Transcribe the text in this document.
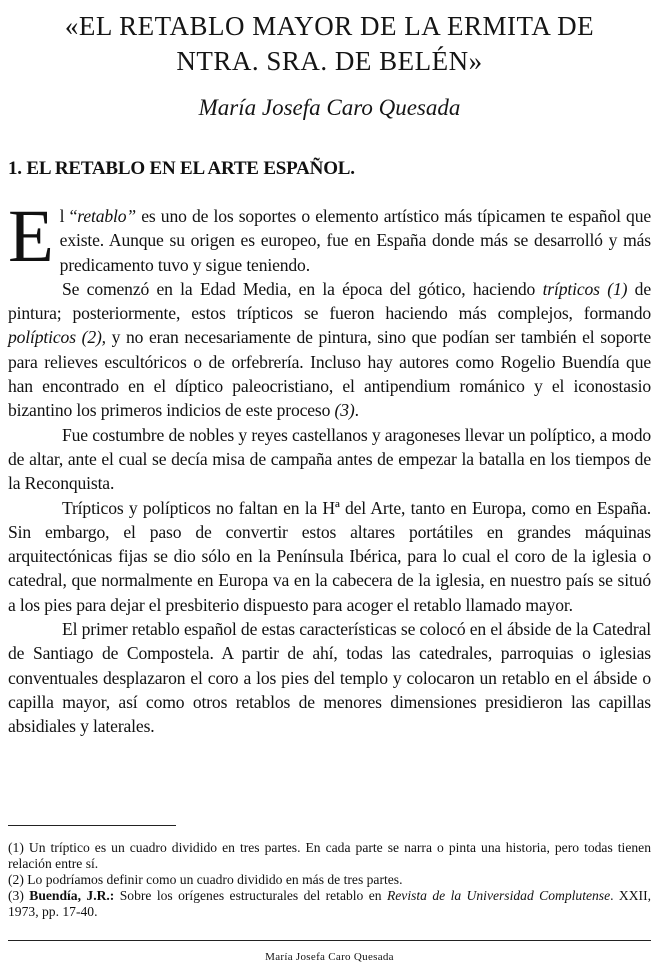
«EL RETABLO MAYOR DE LA ERMITA DE
NTRA. SRA. DE BELÉN»
María Josefa Caro Quesada
1. EL RETABLO EN EL ARTE ESPAÑOL.

El “retablo” es uno de los soportes o elemento artístico más típicamen te español que existe. Aunque su origen es europeo, fue en España donde más se desarrolló y más predicamento tuvo y sigue teniendo.

Se comenzó en la Edad Media, en la época del gótico, haciendo trípticos (1) de pintura; posteriormente, estos trípticos se fueron haciendo más complejos, formando polípticos (2), y no eran necesariamente de pintura, sino que podían ser también el soporte para relieves escultóricos o de orfebrería. Incluso hay autores como Rogelio Buendía que han encontrado en el díptico paleocristiano, el antipendium románico y el iconostasio bizantino los primeros indicios de este proceso (3).

Fue costumbre de nobles y reyes castellanos y aragoneses llevar un políptico, a modo de altar, ante el cual se decía misa de campaña antes de empezar la batalla en los tiempos de la Reconquista.

Trípticos y polípticos no faltan en la Hª del Arte, tanto en Europa, como en España. Sin embargo, el paso de convertir estos altares portátiles en grandes máquinas arquitectónicas fijas se dio sólo en la Península Ibérica, para lo cual el coro de la iglesia o catedral, que normalmente en Europa va en la cabecera de la iglesia, en nuestro país se situó a los pies para dejar el presbiterio dispuesto para acoger el retablo llamado mayor.

El primer retablo español de estas características se colocó en el ábside de la Catedral de Santiago de Compostela. A partir de ahí, todas las catedrales, parroquias o iglesias conventuales desplazaron el coro a los pies del templo y colocaron un retablo en el ábside o capilla mayor, así como otros retablos de menores dimensiones presidieron las capillas absidiales y laterales.

(1) Un tríptico es un cuadro dividido en tres partes. En cada parte se narra o pinta una historia, pero todas tienen relación entre sí.
(2) Lo podríamos definir como un cuadro dividido en más de tres partes.
(3) Buendía, J.R.: Sobre los orígenes estructurales del retablo en Revista de la Universidad Complutense. XXII, 1973, pp. 17-40.
María Josefa Caro Quesada
